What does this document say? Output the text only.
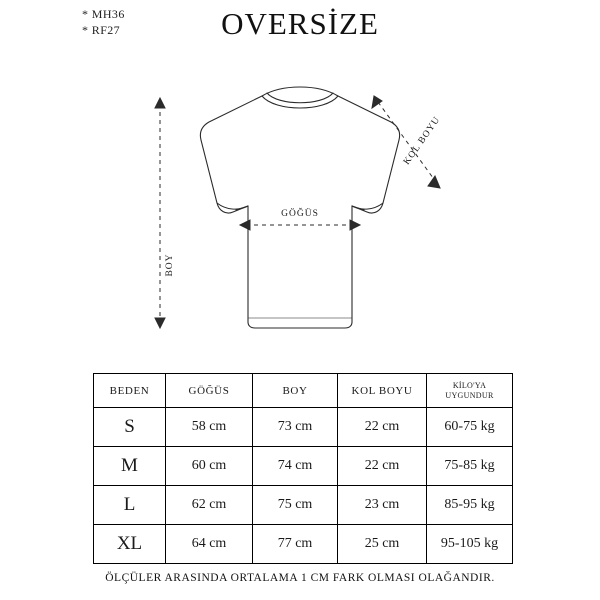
* MH36
* RF27	OVERSİZE
GÖĞÜS
BOY
KOL BOYU
BEDEN	GÖĞÜS	BOY	KOL BOYU	KİLO'YA
UYGUNDUR

S	58 cm	73 cm	22 cm	60-75 kg
M	60 cm	74 cm	22 cm	75-85 kg
L	62 cm	75 cm	23 cm	85-95 kg
XL	64 cm	77 cm	25 cm	95-105 kg
ÖLÇÜLER ARASINDA ORTALAMA 1 CM FARK OLMASI OLAĞANDIR.
